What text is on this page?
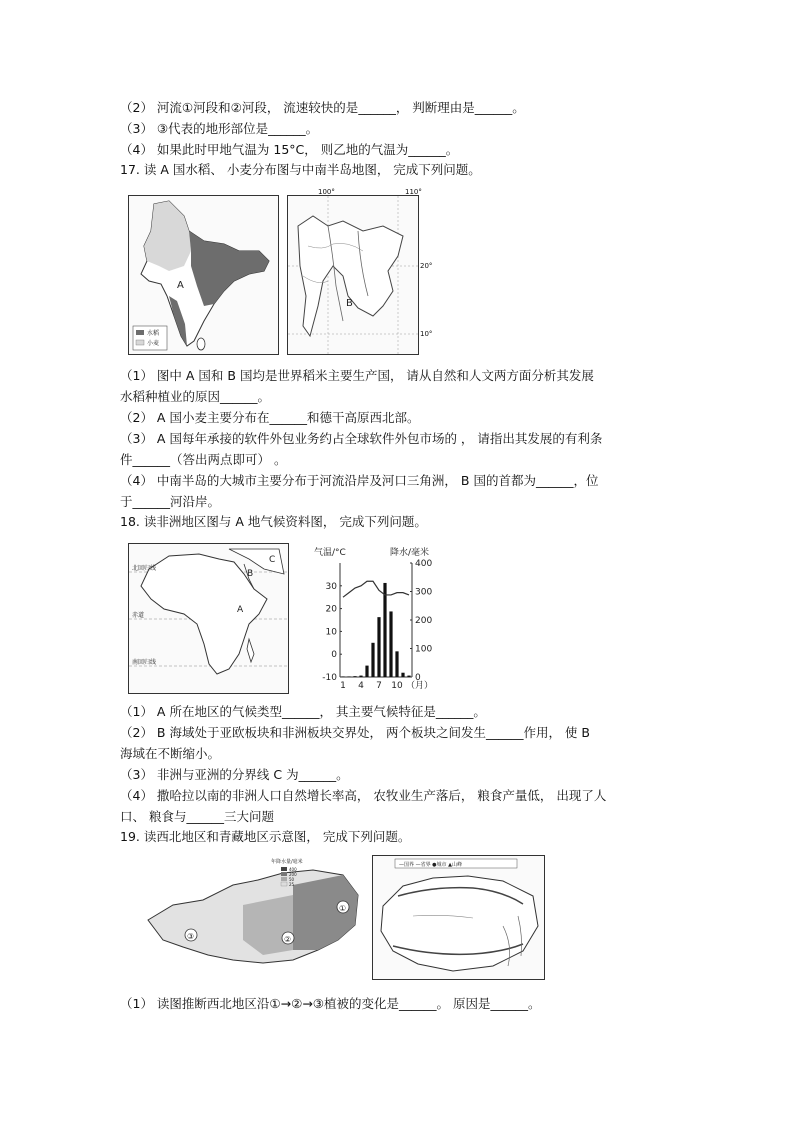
（2） 河流①河段和②河段， 流速较快的是______， 判断理由是______。
（3） ③代表的地形部位是______。
（4） 如果此时甲地气温为 15°C， 则乙地的气温为______。
17. 读 A 国水稻、 小麦分布图与中南半岛地图， 完成下列问题。
A
水稻
小麦
B
100°	110°
20°
10°
（1） 图中 A 国和 B 国均是世界稻米主要生产国， 请从自然和人文两方面分析其发展
水稻种植业的原因______。
（2） A 国小麦主要分布在______和德干高原西北部。
（3） A 国每年承接的软件外包业务约占全球软件外包市场的 ， 请指出其发展的有利条
件______（答出两点即可） 。
（4） 中南半岛的大城市主要分布于河流沿岸及河口三角洲， B 国的首都为______，位
于______河沿岸。
18. 读非洲地区图与 A 地气候资料图， 完成下列问题。
A
B
C
北回归线
赤道
南回归线
气温/°C	降水/毫米
30
20
10
0
-10
400
300
200
100
0
1 4 7 10 （月）
（1） A 所在地区的气候类型______， 其主要气候特征是______。
（2） B 海域处于亚欧板块和非洲板块交界处， 两个板块之间发生______作用， 使 B
海域在不断缩小。
（3） 非洲与亚洲的分界线 C 为______。
（4） 撒哈拉以南的非洲人口自然增长率高， 农牧业生产落后， 粮食产量低， 出现了人
口、 粮食与______三大问题
19. 读西北地区和青藏地区示意图， 完成下列问题。
①
②
③
年降水量/毫米
400
200
50
25
—国界 —省界 ●城市 ▲山峰
（1） 读图推断西北地区沿①→②→③植被的变化是______。 原因是______。
